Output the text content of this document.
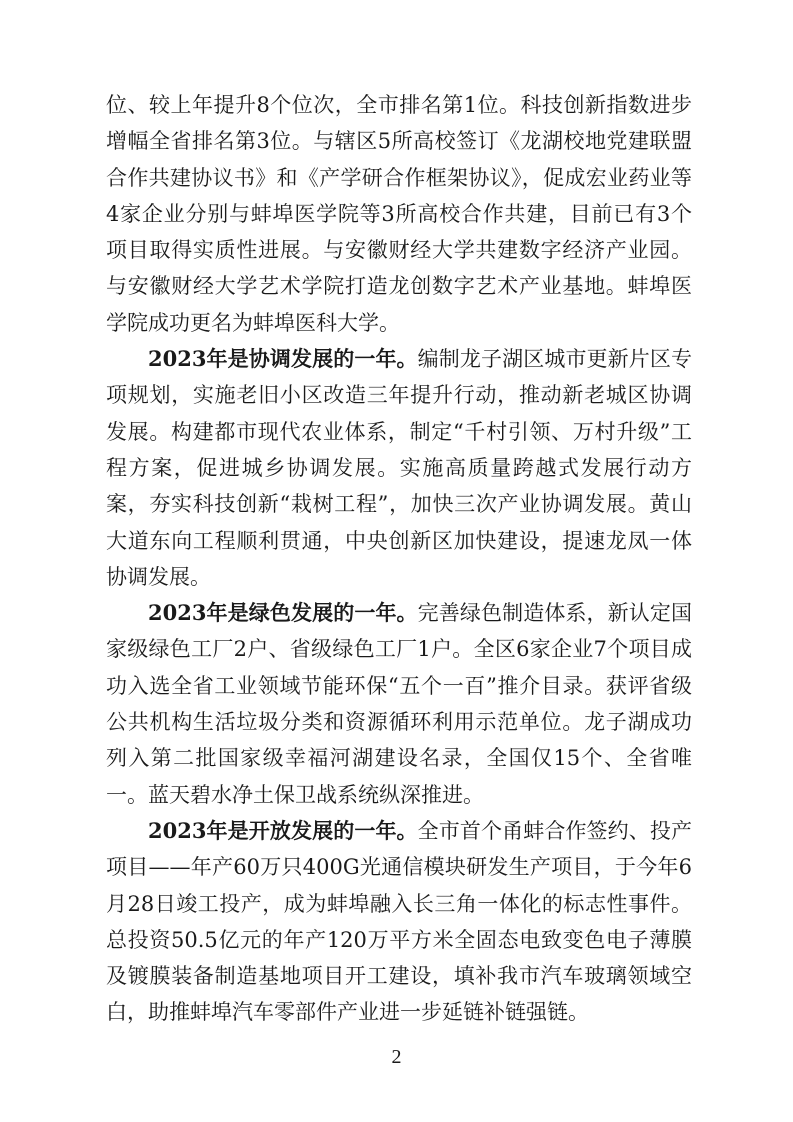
位、较上年提升8个位次，全市排名第1位。科技创新指数进步增幅全省排名第3位。与辖区5所高校签订《龙湖校地党建联盟合作共建协议书》和《产学研合作框架协议》，促成宏业药业等4家企业分别与蚌埠医学院等3所高校合作共建，目前已有3个项目取得实质性进展。与安徽财经大学共建数字经济产业园。与安徽财经大学艺术学院打造龙创数字艺术产业基地。蚌埠医学院成功更名为蚌埠医科大学。

2023年是协调发展的一年。编制龙子湖区城市更新片区专项规划，实施老旧小区改造三年提升行动，推动新老城区协调发展。构建都市现代农业体系，制定“千村引领、万村升级”工程方案，促进城乡协调发展。实施高质量跨越式发展行动方案，夯实科技创新“栽树工程”，加快三次产业协调发展。黄山大道东向工程顺利贯通，中央创新区加快建设，提速龙凤一体协调发展。

2023年是绿色发展的一年。完善绿色制造体系，新认定国家级绿色工厂2户、省级绿色工厂1户。全区6家企业7个项目成功入选全省工业领域节能环保“五个一百”推介目录。获评省级公共机构生活垃圾分类和资源循环利用示范单位。龙子湖成功列入第二批国家级幸福河湖建设名录，全国仅15个、全省唯一。蓝天碧水净土保卫战系统纵深推进。

2023年是开放发展的一年。全市首个甬蚌合作签约、投产项目——年产60万只400G光通信模块研发生产项目，于今年6月28日竣工投产，成为蚌埠融入长三角一体化的标志性事件。总投资50.5亿元的年产120万平方米全固态电致变色电子薄膜及镀膜装备制造基地项目开工建设，填补我市汽车玻璃领域空白，助推蚌埠汽车零部件产业进一步延链补链强链。

2
